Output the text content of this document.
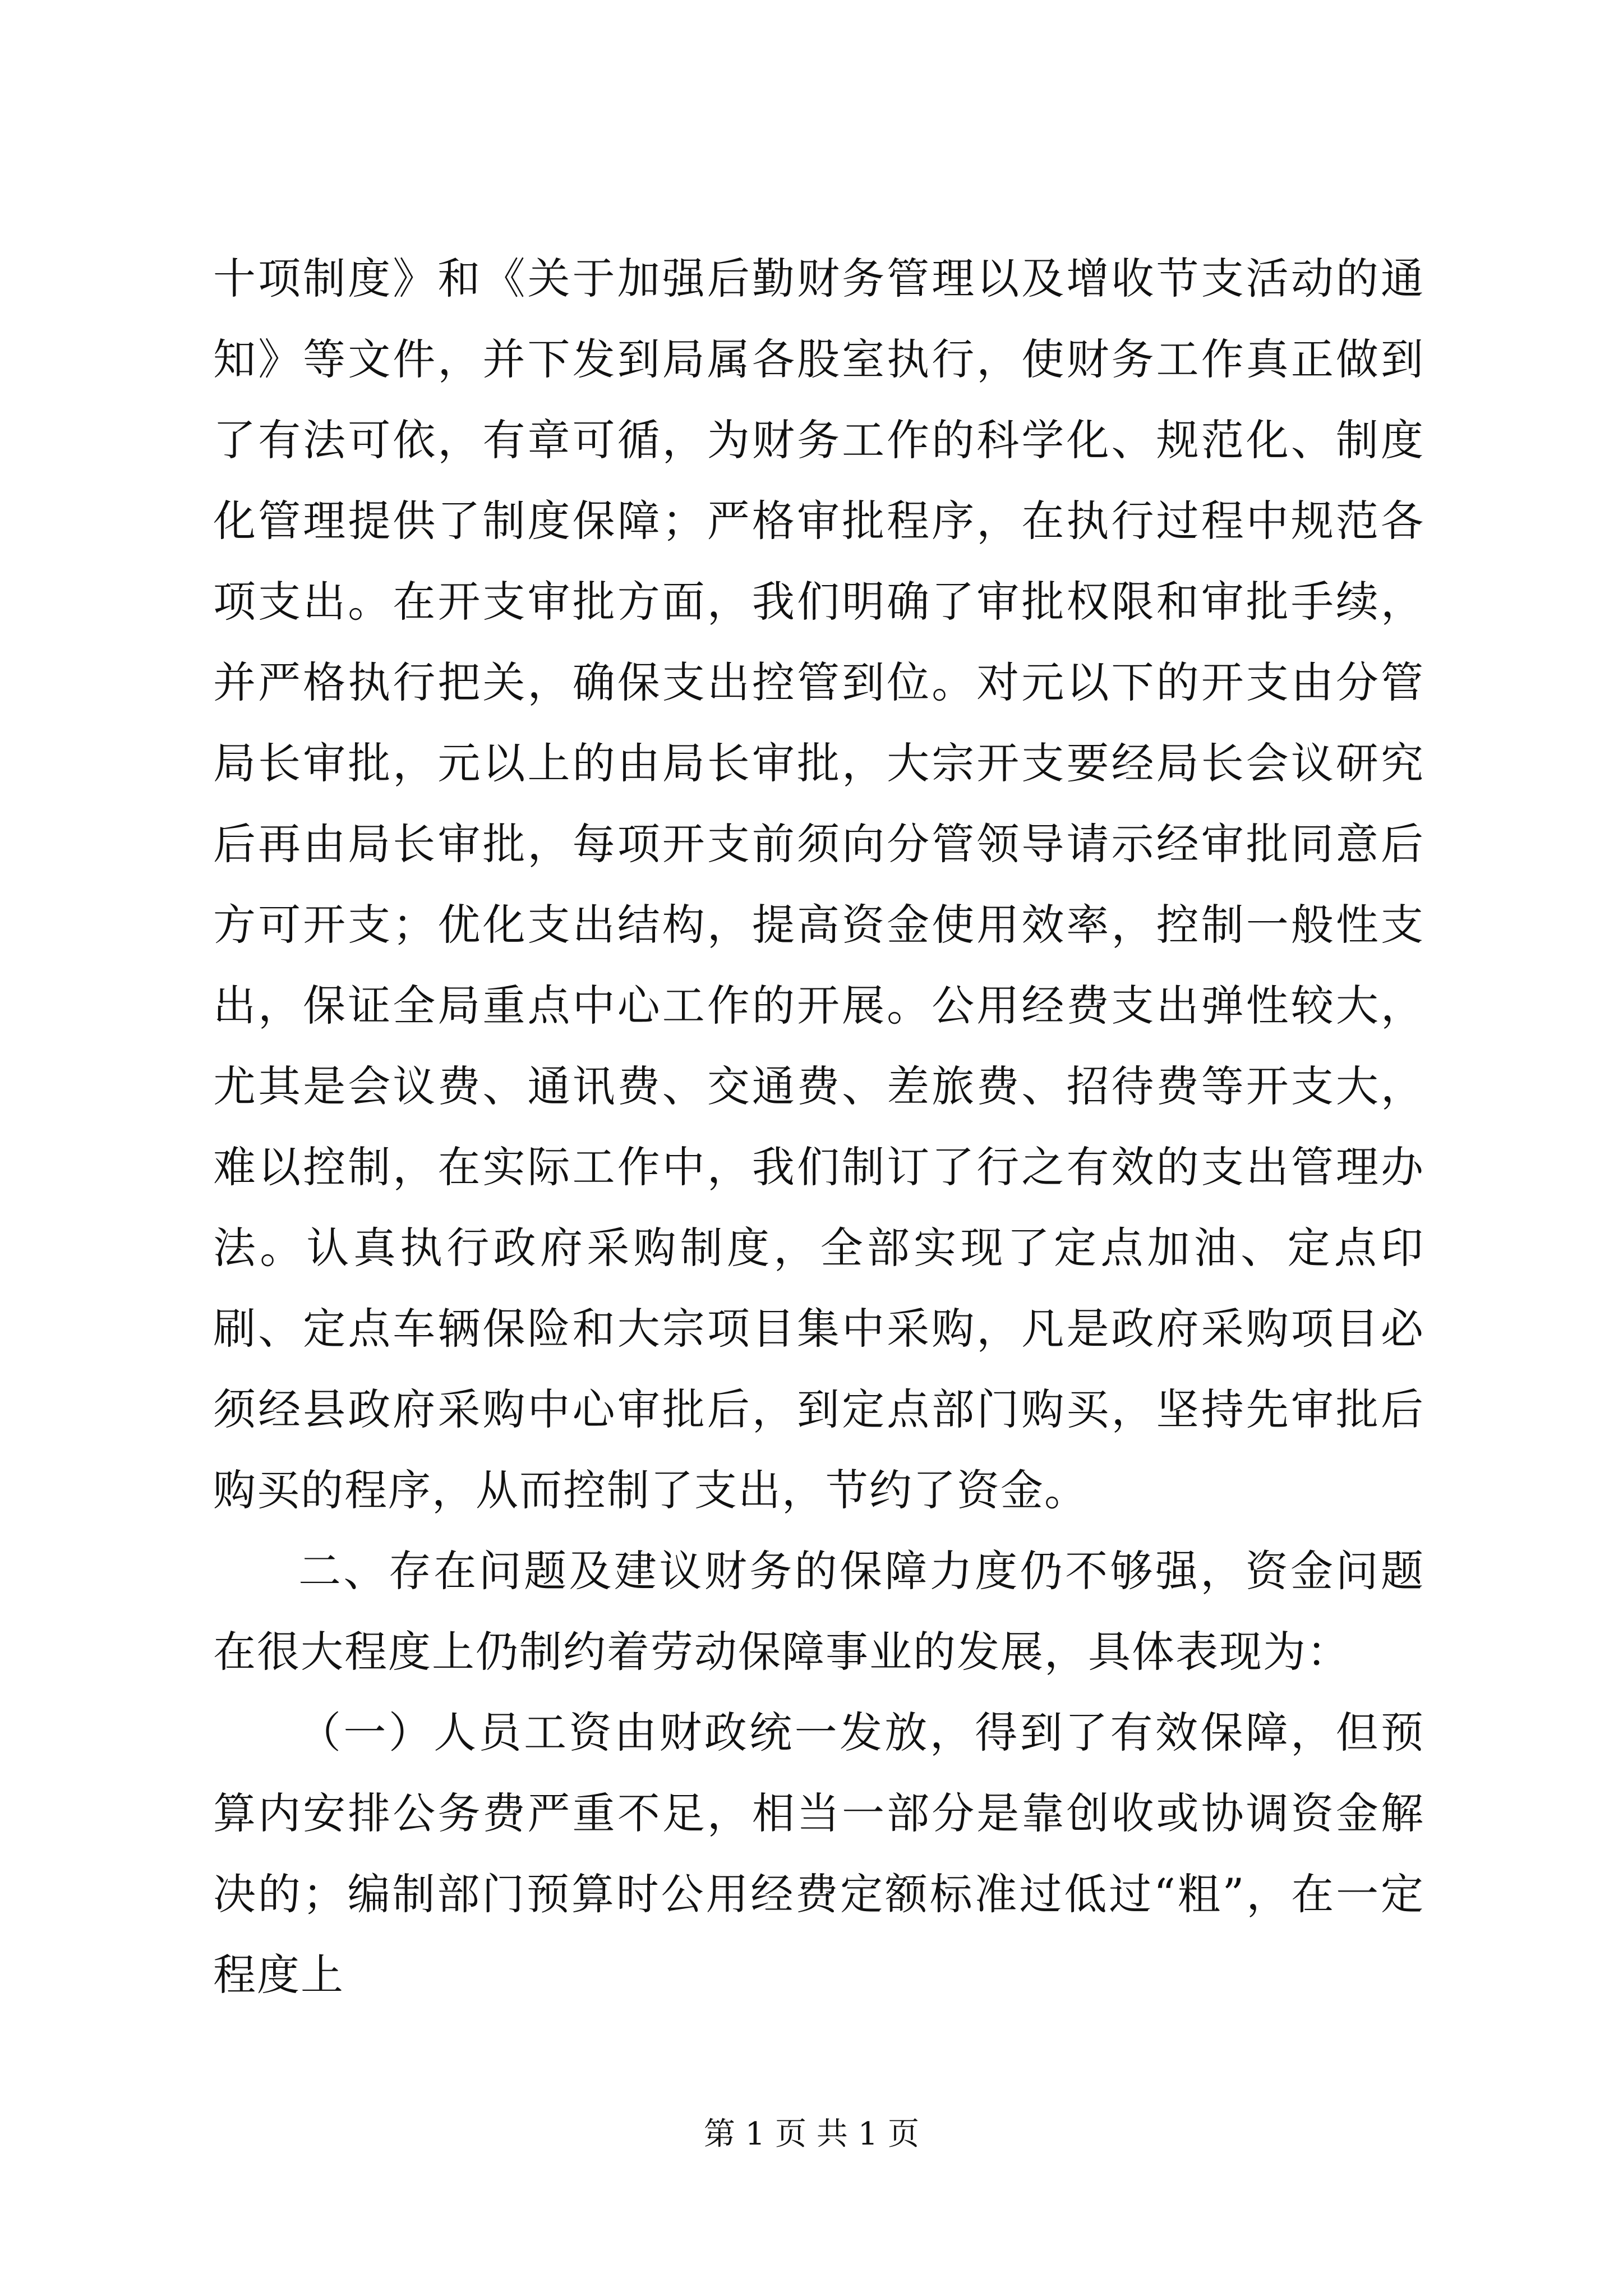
十项制度》和《关于加强后勤财务管理以及增收节支活动的通知》等文件，并下发到局属各股室执行，使财务工作真正做到了有法可依，有章可循，为财务工作的科学化、规范化、制度化管理提供了制度保障；严格审批程序，在执行过程中规范各项支出。在开支审批方面，我们明确了审批权限和审批手续，并严格执行把关，确保支出控管到位。对元以下的开支由分管局长审批，元以上的由局长审批，大宗开支要经局长会议研究后再由局长审批，每项开支前须向分管领导请示经审批同意后方可开支；优化支出结构，提高资金使用效率，控制一般性支出，保证全局重点中心工作的开展。公用经费支出弹性较大，尤其是会议费、通讯费、交通费、差旅费、招待费等开支大，难以控制，在实际工作中，我们制订了行之有效的支出管理办法。认真执行政府采购制度，全部实现了定点加油、定点印刷、定点车辆保险和大宗项目集中采购，凡是政府采购项目必须经县政府采购中心审批后，到定点部门购买，坚持先审批后购买的程序，从而控制了支出，节约了资金。

二、存在问题及建议财务的保障力度仍不够强，资金问题在很大程度上仍制约着劳动保障事业的发展，具体表现为：

（一）人员工资由财政统一发放，得到了有效保障，但预算内安排公务费严重不足，相当一部分是靠创收或协调资金解决的；编制部门预算时公用经费定额标准过低过“粗”，在一定程度上

第 1 页 共 1 页
